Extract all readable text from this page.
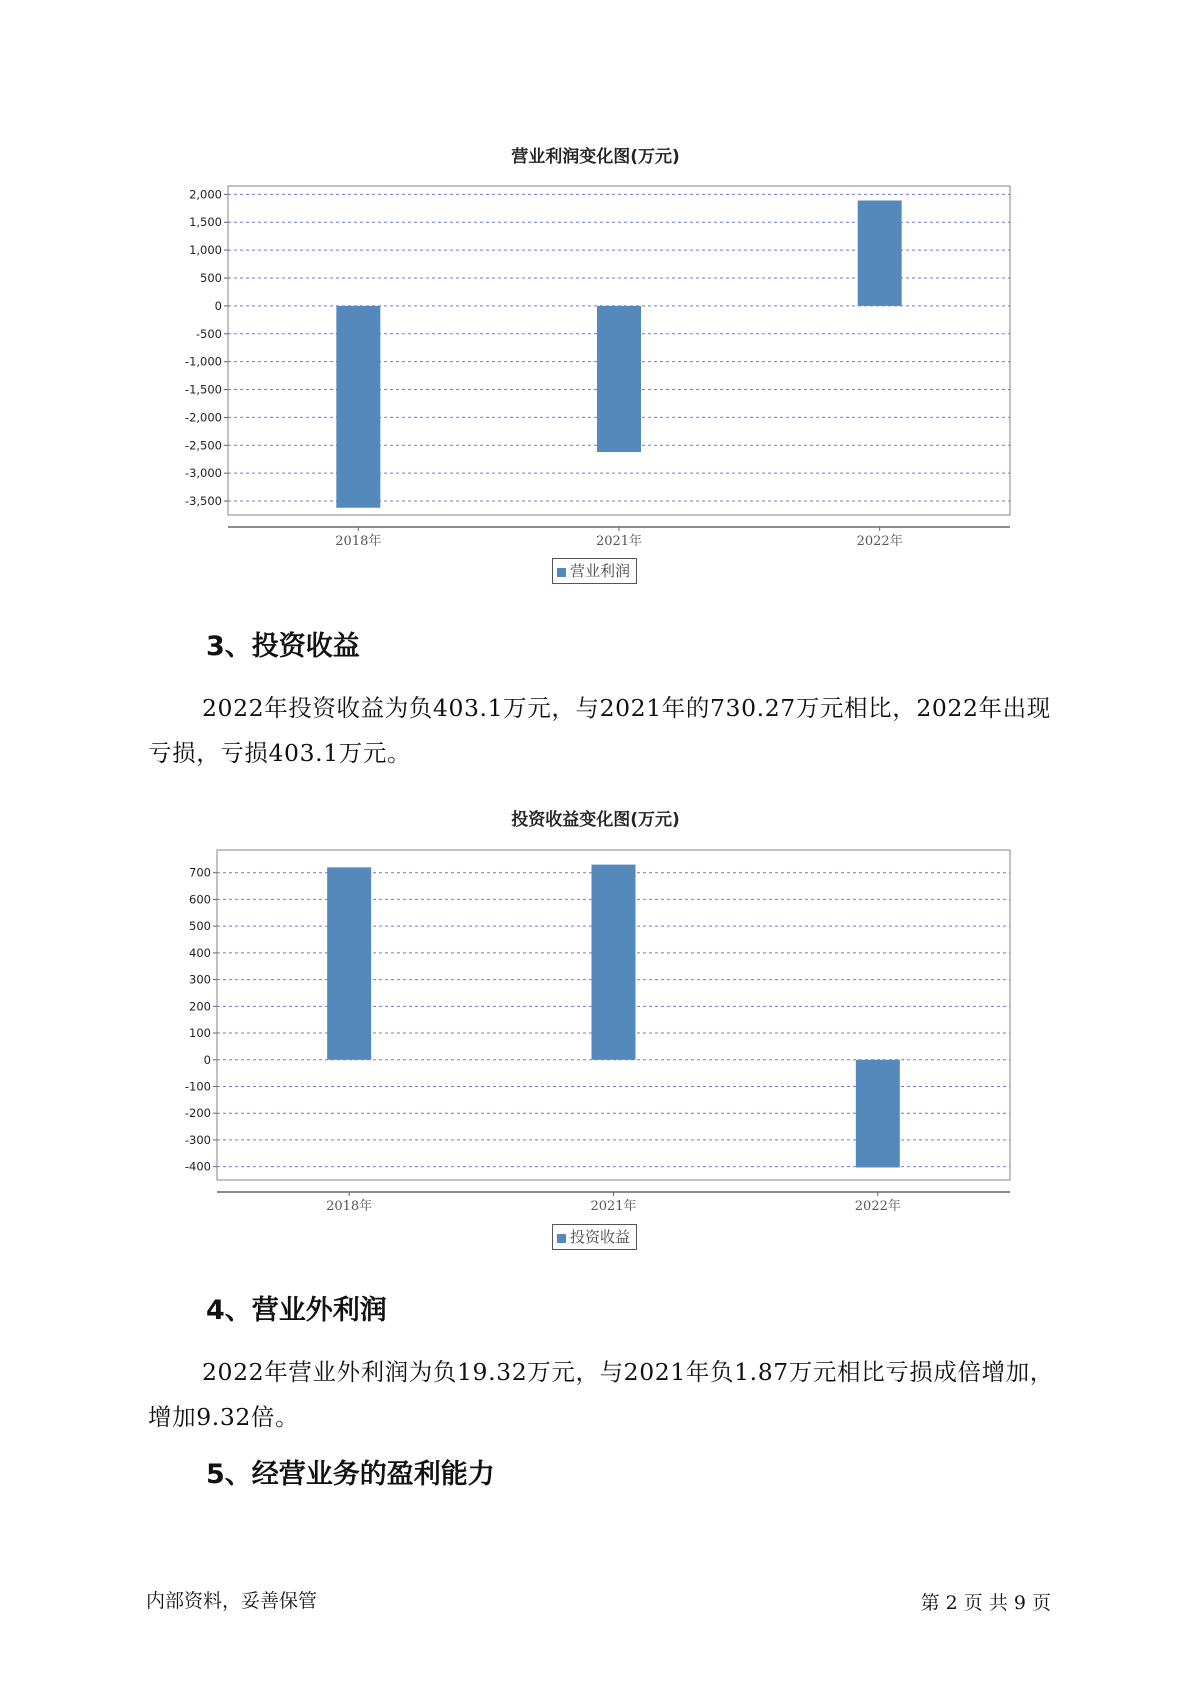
营业利润变化图(万元)
2,000
1,500
1,000
500
0
-500
-1,000
-1,500
-2,000
-2,500
-3,000
-3,500
2018年	2021年	2022年
营业利润
3、投资收益
2022年投资收益为负403.1万元，与2021年的730.27万元相比，2022年出现亏损，亏损403.1万元。
投资收益变化图(万元)
700
600
500
400
300
200
100
0
-100
-200
-300
-400
2018年	2021年	2022年
投资收益
4、营业外利润
2022年营业外利润为负19.32万元，与2021年负1.87万元相比亏损成倍增加，增加9.32倍。
5、经营业务的盈利能力
内部资料，妥善保管	第 2 页 共 9 页
